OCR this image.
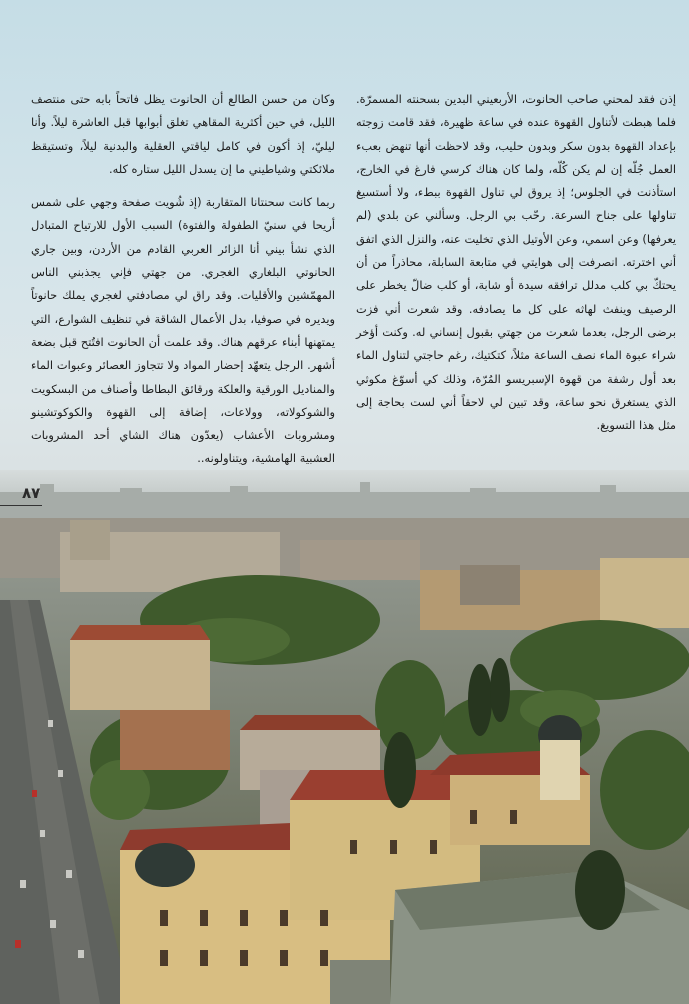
إذن فقد لمحني صاحب الحانوت، الأربعيني البدين بسحنته المسمرّة. فلما هبطت لأتناول القهوة عنده في ساعة ظهيرة، فقد قامت زوجته بإعداد القهوة بدون سكر وبدون حليب، وقد لاحظت أنها تنهض بعبء العمل جُلّه إن لم يكن كُلّه، ولما كان هناك كرسي فارغ في الخارج، استأذنت في الجلوس؛ إذ يروق لي تناول القهوة ببطء، ولا أستسيغ تناولها على جناح السرعة. رحّب بي الرجل. وسألني عن بلدي (لم يعرفها) وعن اسمي، وعن الأوتيل الذي تخليت عنه، والنزل الذي اتفق أني اخترته. انصرفت إلى هوايتي في متابعة السابلة، محاذراً من أن يحتكّ بي كلب مدلل ترافقه سيدة أو شابة، أو كلب ضالّ يخطر على الرصيف وينفث لهاثه على كل ما يصادفه. وقد شعرت أني فزت برضى الرجل، بعدما شعرت من جهتي بقبول إنساني له. وكنت أؤخر شراء عبوة الماء نصف الساعة مثلاً، كتكتيك، رغم حاجتي لتناول الماء بعد أول رشفة من قهوة الإسبريسو المُرّة، وذلك كي أسوّغ مكوثي الذي يستغرق نحو ساعة، وقد تبين لي لاحقاً أني لست بحاجة إلى مثل هذا التسويغ.

وكان من حسن الطالع أن الحانوت يظل فاتحاً بابه حتى منتصف الليل، في حين أكثرية المقاهي تغلق أبوابها قبل العاشرة ليلاً. وأنا ليليّ، إذ أكون في كامل لياقتي العقلية والبدنية ليلاً، وتستيقظ ملائكتي وشياطيني ما إن يسدل الليل ستاره كله.

ربما كانت سحنتانا المتقاربة (إذ شُويت صفحة وجهي على شمس أريحا في سنيّ الطفولة والفتوة) السبب الأول للارتياح المتبادل الذي نشأ بيني أنا الزائر العربي القادم من الأردن، وبين جاري الحانوتي البلغاري الغجري. من جهتي فإني يجذبني الناس المهمّشين والأقليات. وقد راق لي مصادفتي لغجري يملك حانوتاً ويديره في صوفيا، بدل الأعمال الشاقة في تنظيف الشوارع، التي يمتهنها أبناء عرقهم هناك. وقد علمت أن الحانوت افتُتح قبل بضعة أشهر. الرجل يتعهّد إحضار المواد ولا تتجاوز العصائر وعبوات الماء والمناديل الورقية والعلكة ورقائق البطاطا وأصناف من البسكويت والشوكولاته، وولاعات، إضافة إلى القهوة والكوكوتشينو ومشروبات الأعشاب (يعدّون هناك الشاي أحد المشروبات العشبية الهامشية، ويتناولونه..

٨٧
